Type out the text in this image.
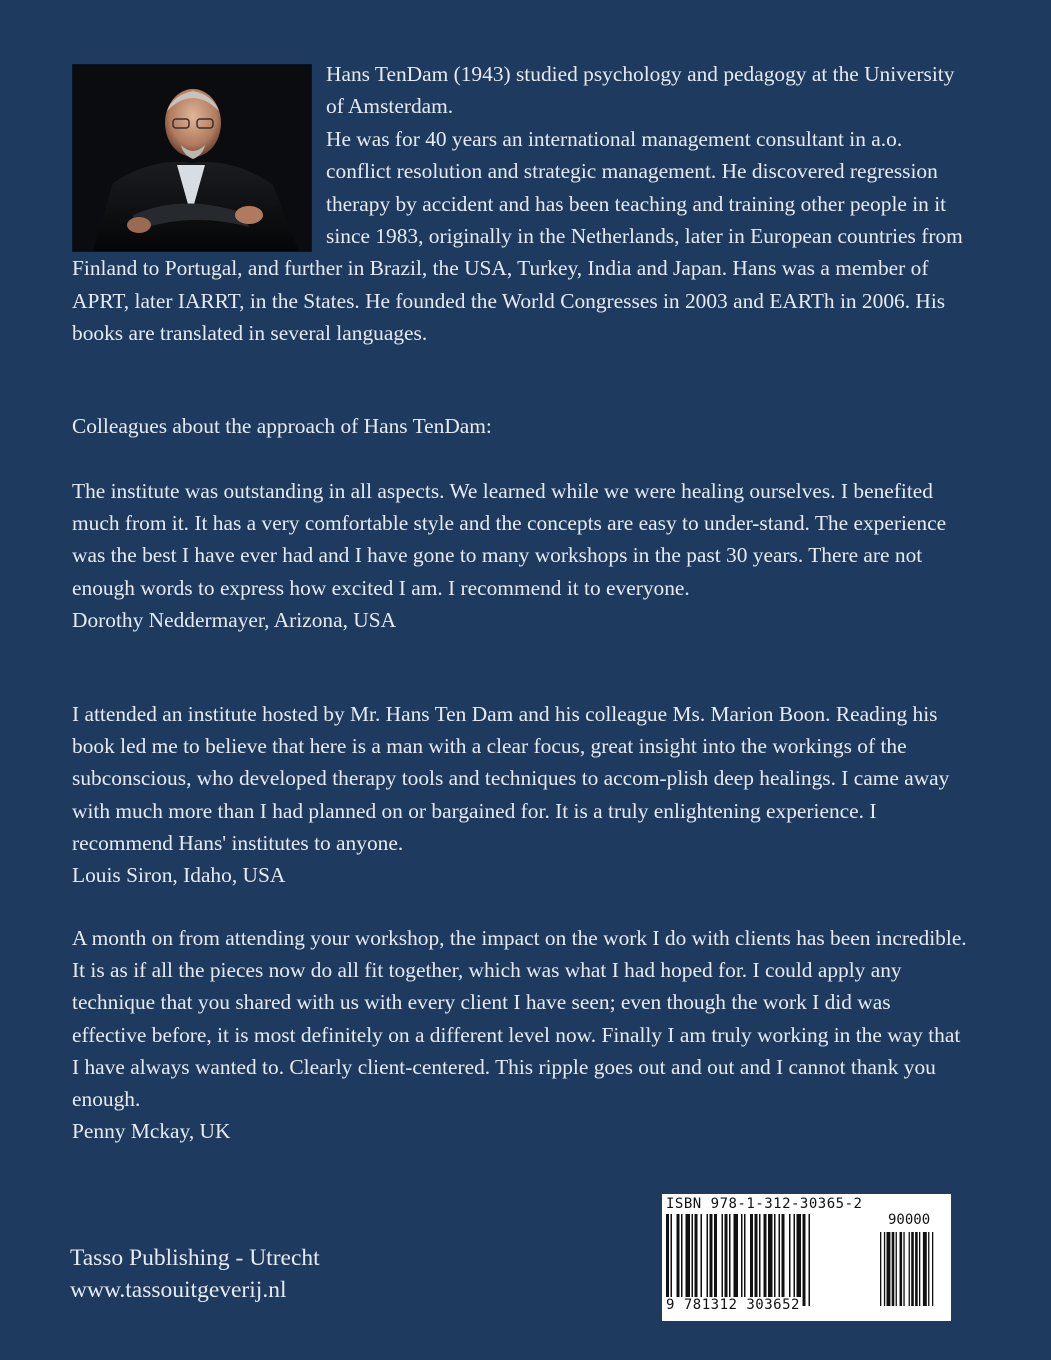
Hans TenDam (1943) studied psychology and pedagogy at the University of Amsterdam.

He was for 40 years an international management consultant in a.o. conflict resolution and strategic management. He discovered regression therapy by accident and has been teaching and training other people in it since 1983, originally in the Netherlands, later in European countries from Finland to Portugal, and further in Brazil, the USA, Turkey, India and Japan. Hans was a member of APRT, later IARRT, in the States. He founded the World Congresses in 2003 and EARTh in 2006. His books are translated in several languages.

Colleagues about the approach of Hans TenDam:

The institute was outstanding in all aspects. We learned while we were healing ourselves. I benefited much from it. It has a very comfortable style and the concepts are easy to under-stand. The experience was the best I have ever had and I have gone to many workshops in the past 30 years. There are not enough words to express how excited I am. I recommend it to everyone.

Dorothy Neddermayer, Arizona, USA

I attended an institute hosted by Mr. Hans Ten Dam and his colleague Ms. Marion Boon. Reading his book led me to believe that here is a man with a clear focus, great insight into the workings of the subconscious, who developed therapy tools and techniques to accom-plish deep healings. I came away with much more than I had planned on or bargained for. It is a truly enlightening experience. I recommend Hans' institutes to anyone.

Louis Siron, Idaho, USA

A month on from attending your workshop, the impact on the work I do with clients has been incredible. It is as if all the pieces now do all fit together, which was what I had hoped for. I could apply any technique that you shared with us with every client I have seen; even though the work I did was effective before, it is most definitely on a different level now. Finally I am truly working in the way that I have always wanted to. Clearly client-centered. This ripple goes out and out and I cannot thank you enough.

Penny Mckay, UK

Tasso Publishing - Utrecht
www.tassouitgeverij.nl
ISBN 978-1-312-30365-2
90000
9 781312 303652
